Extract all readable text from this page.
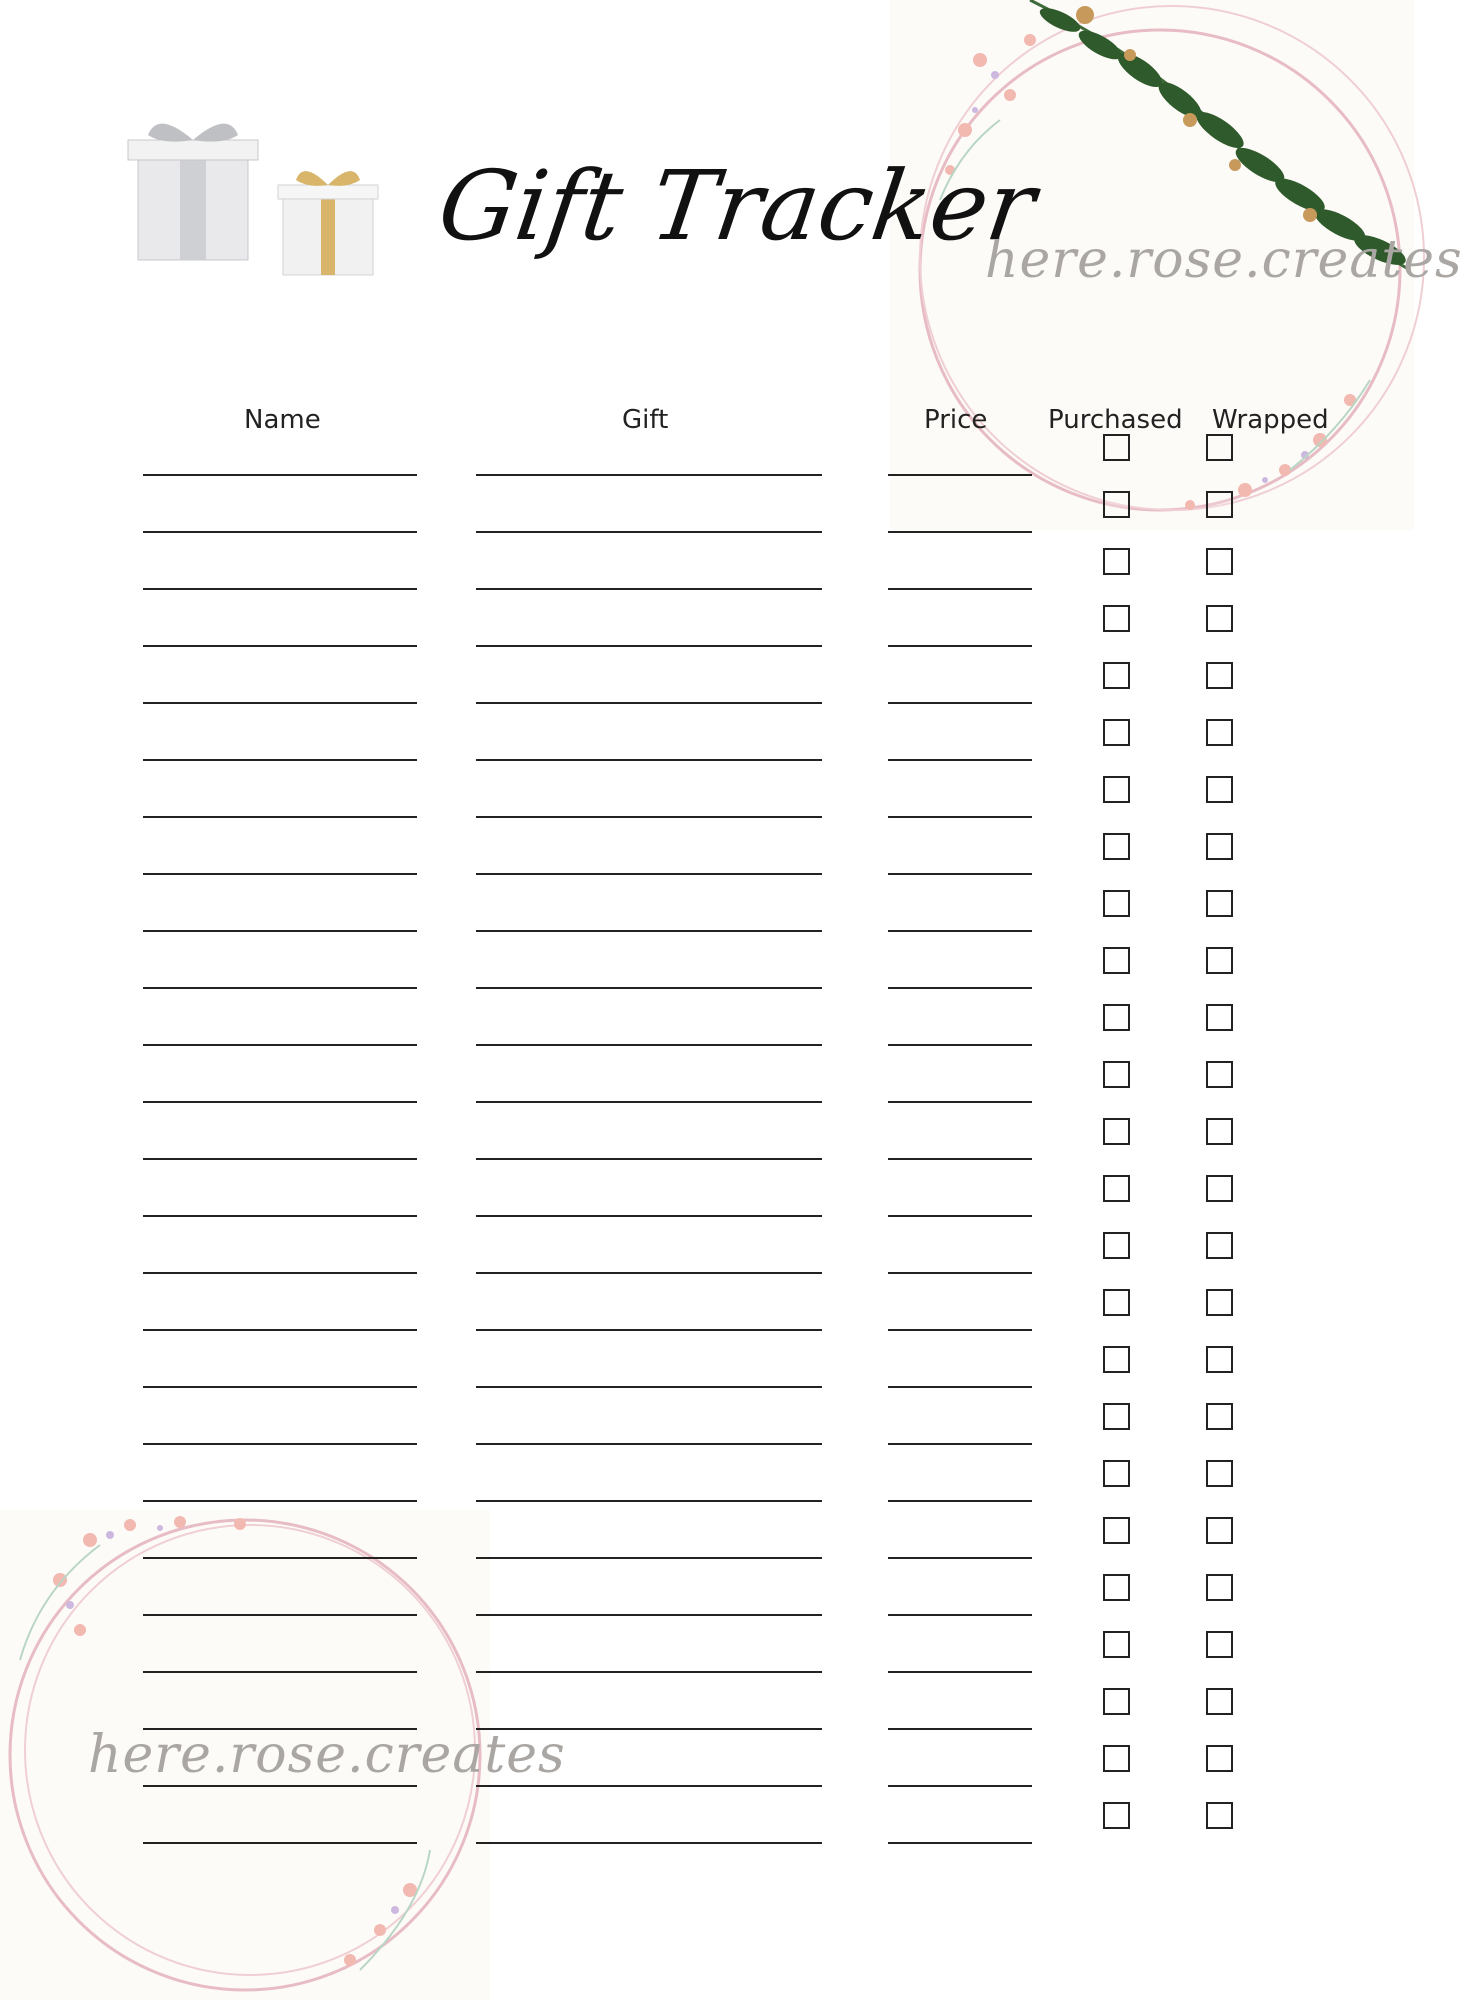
here.rose.creates
here.rose.creates
Gift Tracker
Name	Gift	Price Purchased Wrapped
